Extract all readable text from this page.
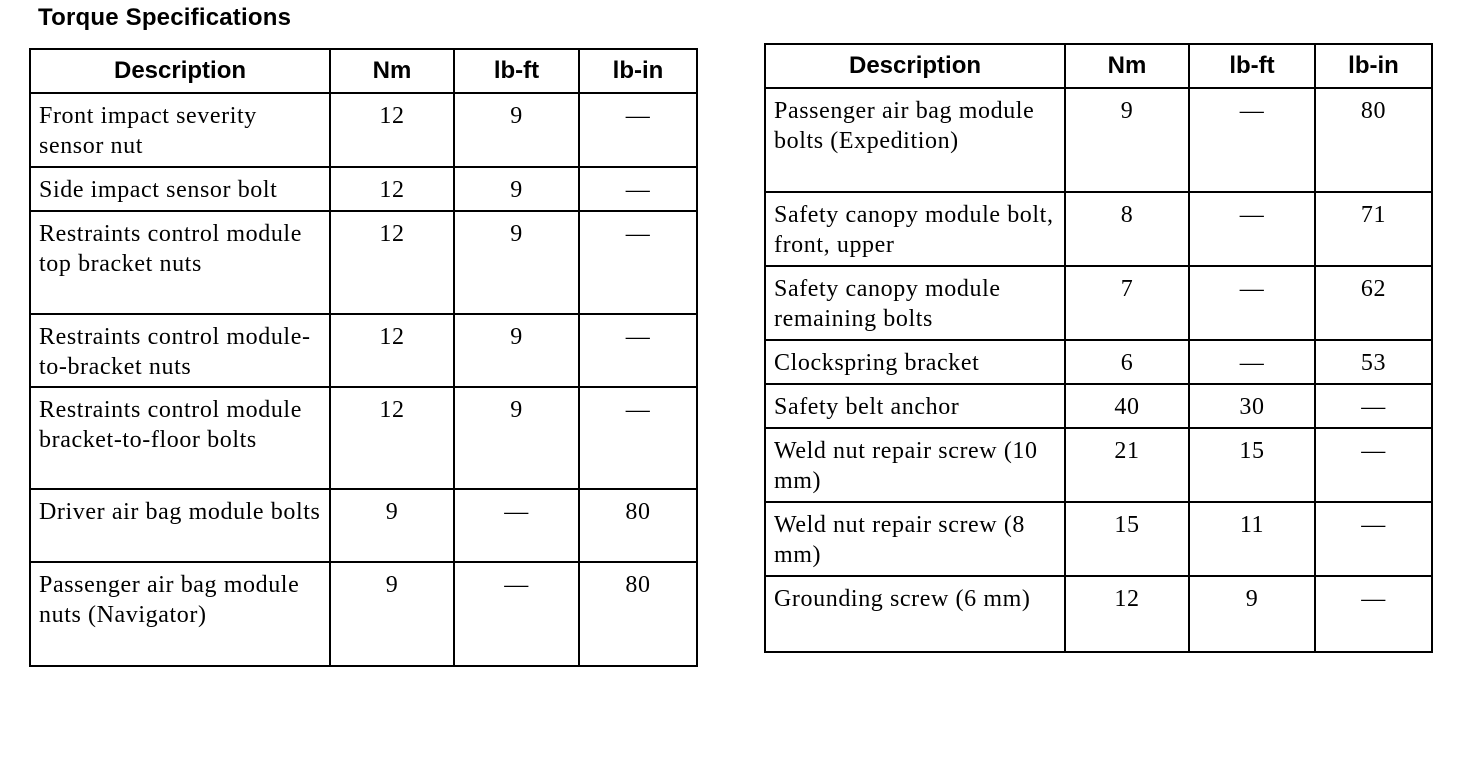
Torque Specifications
Description	Nm	lb-ft	lb-in
Front impact severity sensor nut	12	9	—
Side impact sensor bolt	12	9	—
Restraints control module top bracket nuts	12	9	—
Restraints control module-to-bracket nuts	12	9	—
Restraints control module bracket-to-floor bolts	12	9	—
Driver air bag module bolts	9	—	80
Passenger air bag module nuts (Navigator)	9	—	80
Description	Nm	lb-ft	lb-in
Passenger air bag module bolts (Expedition)	9	—	80
Safety canopy module bolt, front, upper	8	—	71
Safety canopy module remaining bolts	7	—	62
Clockspring bracket	6	—	53
Safety belt anchor	40	30	—
Weld nut repair screw (10 mm)	21	15	—
Weld nut repair screw (8 mm)	15	11	—
Grounding screw (6 mm)	12	9	—
